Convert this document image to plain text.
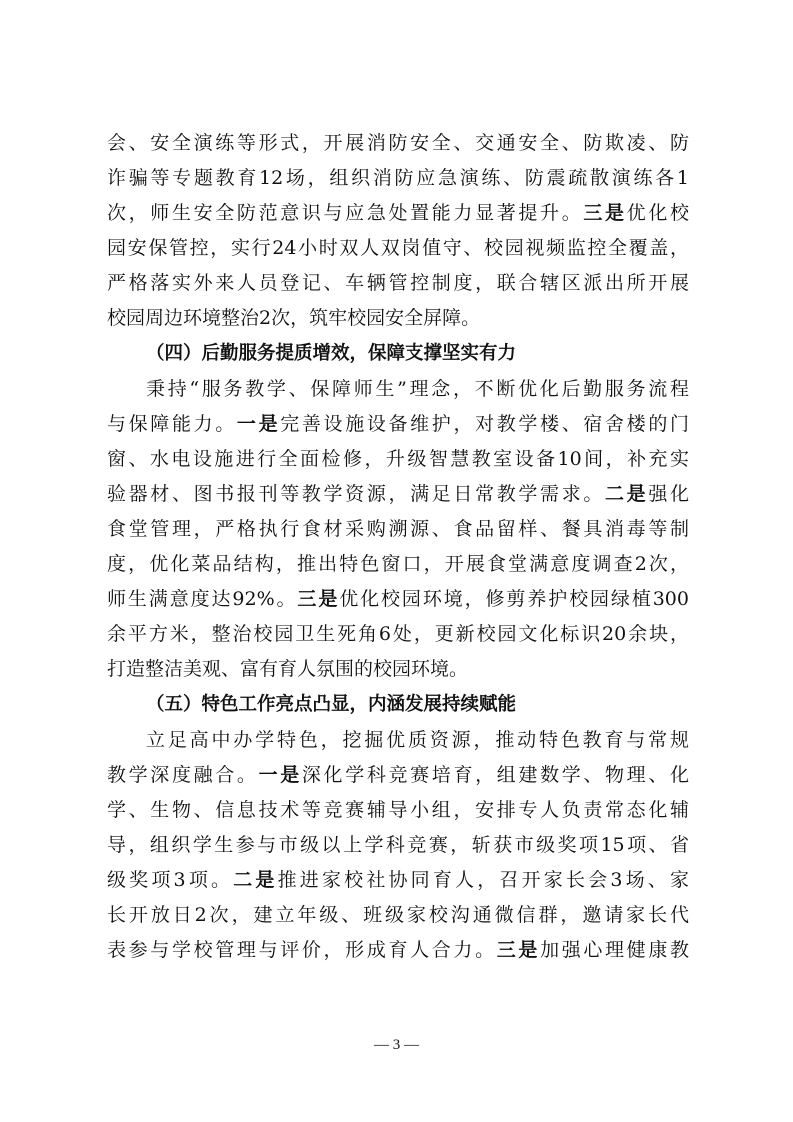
会、安全演练等形式，开展消防安全、交通安全、防欺凌、防
诈骗等专题教育12场，组织消防应急演练、防震疏散演练各1
次，师生安全防范意识与应急处置能力显著提升。三是优化校
园安保管控，实行24小时双人双岗值守、校园视频监控全覆盖，
严格落实外来人员登记、车辆管控制度，联合辖区派出所开展
校园周边环境整治2次，筑牢校园安全屏障。
（四）后勤服务提质增效，保障支撑坚实有力
秉持“服务教学、保障师生”理念，不断优化后勤服务流程
与保障能力。一是完善设施设备维护，对教学楼、宿舍楼的门
窗、水电设施进行全面检修，升级智慧教室设备10间，补充实
验器材、图书报刊等教学资源，满足日常教学需求。二是强化
食堂管理，严格执行食材采购溯源、食品留样、餐具消毒等制
度，优化菜品结构，推出特色窗口，开展食堂满意度调查2次，
师生满意度达92%。三是优化校园环境，修剪养护校园绿植300
余平方米，整治校园卫生死角6处，更新校园文化标识20余块，
打造整洁美观、富有育人氛围的校园环境。
（五）特色工作亮点凸显，内涵发展持续赋能
立足高中办学特色，挖掘优质资源，推动特色教育与常规
教学深度融合。一是深化学科竞赛培育，组建数学、物理、化
学、生物、信息技术等竞赛辅导小组，安排专人负责常态化辅
导，组织学生参与市级以上学科竞赛，斩获市级奖项15项、省
级奖项3项。二是推进家校社协同育人，召开家长会3场、家
长开放日2次，建立年级、班级家校沟通微信群，邀请家长代
表参与学校管理与评价，形成育人合力。三是加强心理健康教
— 3 —
